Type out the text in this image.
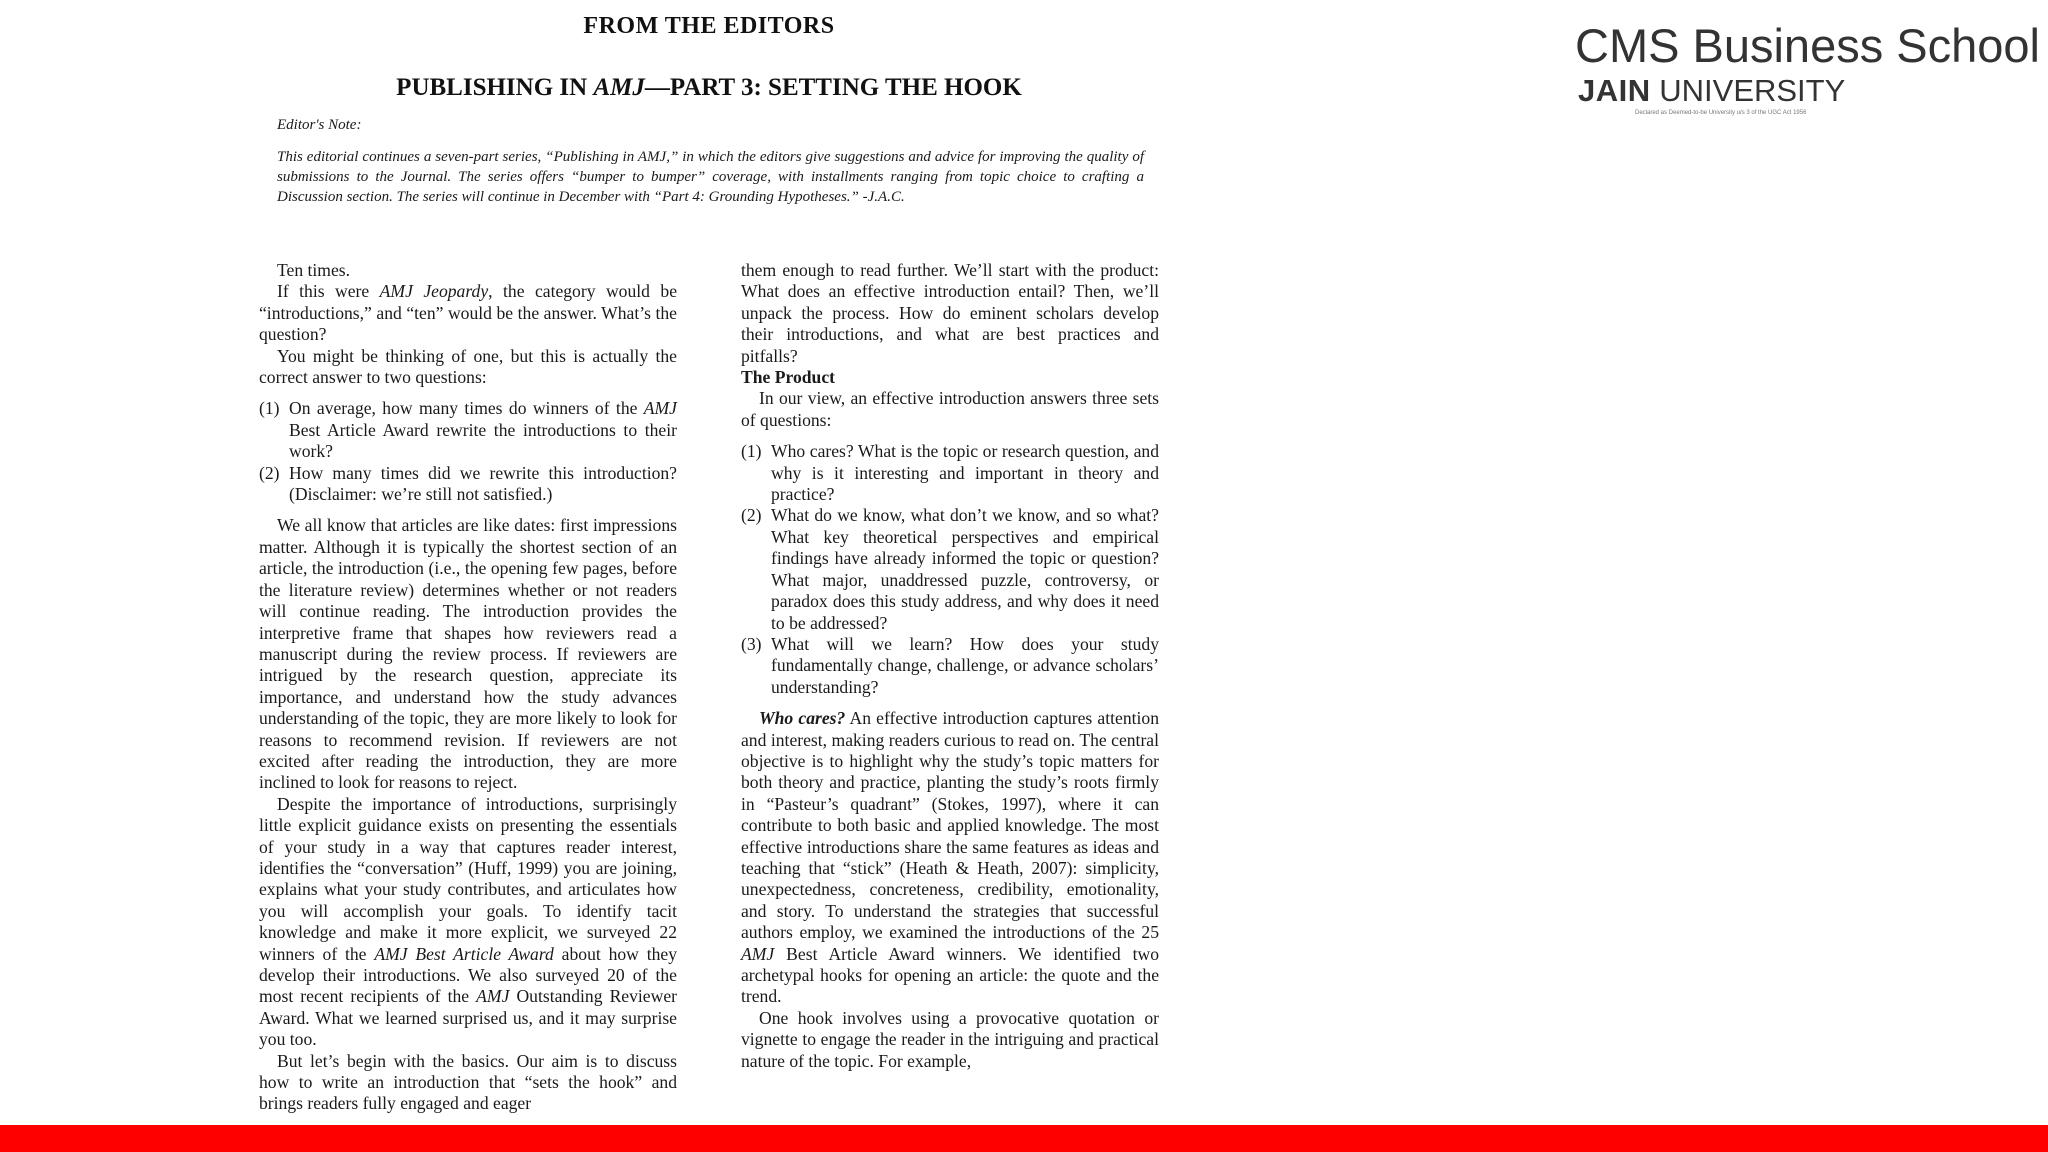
FROM THE EDITORS
PUBLISHING IN AMJ—PART 3: SETTING THE HOOK
Editor's Note:
This editorial continues a seven-part series, “Publishing in AMJ,” in which the editors give suggestions and advice for improving the quality of submissions to the Journal. The series offers “bumper to bumper” coverage, with installments ranging from topic choice to crafting a Discussion section. The series will continue in December with “Part 4: Grounding Hypotheses.” -J.A.C.

Ten times.

If this were AMJ Jeopardy, the category would be “introductions,” and “ten” would be the answer. What’s the question?

You might be thinking of one, but this is actually the correct answer to two questions:

(1) On average, how many times do winners of the AMJ Best Article Award rewrite the introductions to their work?
(2) How many times did we rewrite this introduction? (Disclaimer: we’re still not satisfied.)

We all know that articles are like dates: first impressions matter. Although it is typically the shortest section of an article, the introduction (i.e., the opening few pages, before the literature review) determines whether or not readers will continue reading. The introduction provides the interpretive frame that shapes how reviewers read a manuscript during the review process. If reviewers are intrigued by the research question, appreciate its importance, and understand how the study advances understanding of the topic, they are more likely to look for reasons to recommend revision. If reviewers are not excited after reading the introduction, they are more inclined to look for reasons to reject.

Despite the importance of introductions, surprisingly little explicit guidance exists on presenting the essentials of your study in a way that captures reader interest, identifies the “conversation” (Huff, 1999) you are joining, explains what your study contributes, and articulates how you will accomplish your goals. To identify tacit knowledge and make it more explicit, we surveyed 22 winners of the AMJ Best Article Award about how they develop their introductions. We also surveyed 20 of the most recent recipients of the AMJ Outstanding Reviewer Award. What we learned surprised us, and it may surprise you too.

But let’s begin with the basics. Our aim is to discuss how to write an introduction that “sets the hook” and brings readers fully engaged and eager

them enough to read further. We’ll start with the product: What does an effective introduction entail? Then, we’ll unpack the process. How do eminent scholars develop their introductions, and what are best practices and pitfalls?

The Product

In our view, an effective introduction answers three sets of questions:

(1) Who cares? What is the topic or research question, and why is it interesting and important in theory and practice?
(2) What do we know, what don’t we know, and so what? What key theoretical perspectives and empirical findings have already informed the topic or question? What major, unaddressed puzzle, controversy, or paradox does this study address, and why does it need to be addressed?
(3) What will we learn? How does your study fundamentally change, challenge, or advance scholars’ understanding?

Who cares? An effective introduction captures attention and interest, making readers curious to read on. The central objective is to highlight why the study’s topic matters for both theory and practice, planting the study’s roots firmly in “Pasteur’s quadrant” (Stokes, 1997), where it can contribute to both basic and applied knowledge. The most effective introductions share the same features as ideas and teaching that “stick” (Heath & Heath, 2007): simplicity, unexpectedness, concreteness, credibility, emotionality, and story. To understand the strategies that successful authors employ, we examined the introductions of the 25 AMJ Best Article Award winners. We identified two archetypal hooks for opening an article: the quote and the trend.

One hook involves using a provocative quotation or vignette to engage the reader in the intriguing and practical nature of the topic. For example,

CMS Business School
JAIN UNIVERSITY
Declared as Deemed-to-be University u/s 3 of the UGC Act 1956
